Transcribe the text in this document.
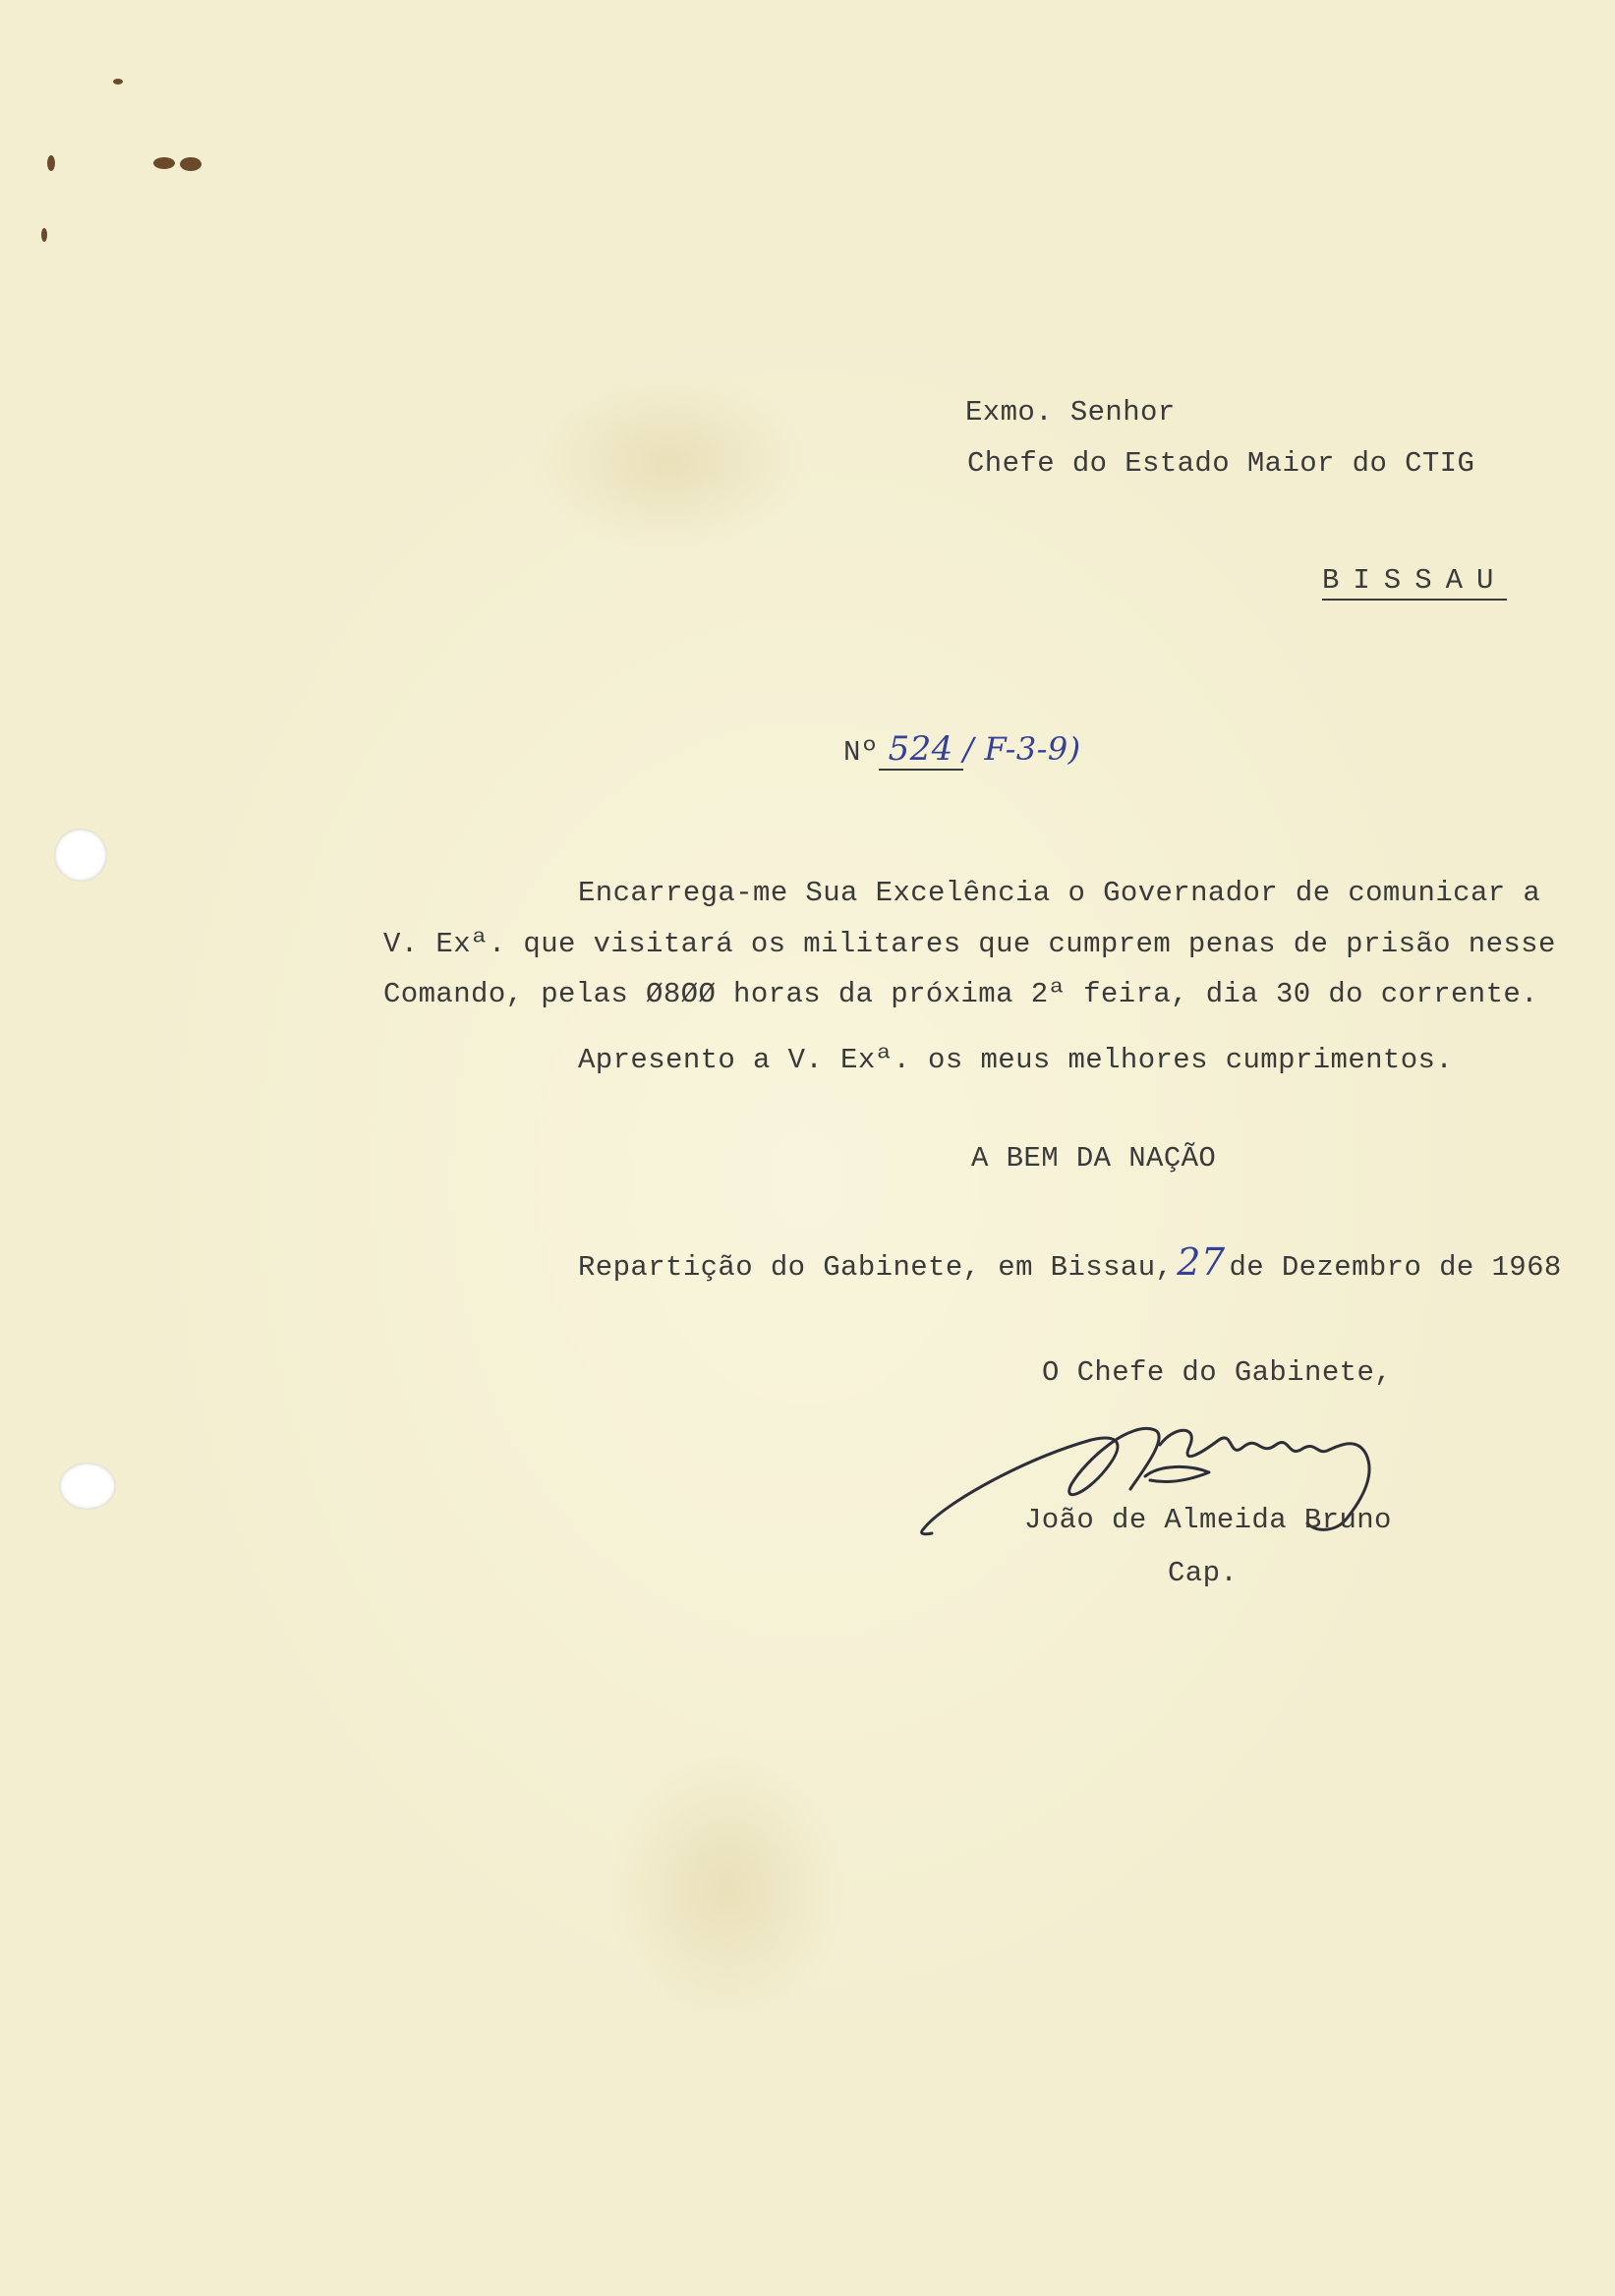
Exmo. Senhor
Chefe do Estado Maior do CTIG
BISSAU
Nº 524 / F-3-9)
Encarrega-me Sua Excelência o Governador de comunicar a
V. Exª. que visitará os militares que cumprem penas de prisão nesse
Comando, pelas Ø8ØØ horas da próxima 2ª feira, dia 30 do corrente.
Apresento a V. Exª. os meus melhores cumprimentos.
A BEM DA NAÇÃO
Repartição do Gabinete, em Bissau, 27 de Dezembro de 1968
O Chefe do Gabinete,
João de Almeida Bruno
Cap.
